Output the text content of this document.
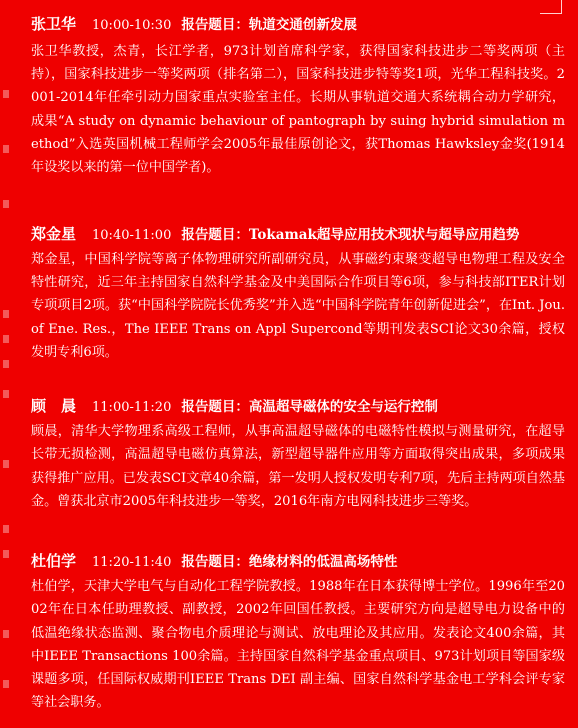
张卫华 10:00-10:30 报告题目：轨道交通创新发展
张卫华教授，杰青，长江学者，973计划首席科学家，获得国家科技进步二等奖两项（主持），国家科技进步一等奖两项（排名第二），国家科技进步特等奖1项，光华工程科技奖。2001-2014年任牵引动力国家重点实验室主任。长期从事轨道交通大系统耦合动力学研究，成果“A study on dynamic behaviour of pantograph by suing hybrid simulation method”入选英国机械工程师学会2005年最佳原创论文，获Thomas Hawksley金奖(1914年设奖以来的第一位中国学者)。
郑金星 10:40-11:00 报告题目：Tokamak超导应用技术现状与超导应用趋势
郑金星，中国科学院等离子体物理研究所副研究员，从事磁约束聚变超导电物理工程及安全特性研究，近三年主持国家自然科学基金及中美国际合作项目等6项，参与科技部ITER计划专项项目2项。获“中国科学院院长优秀奖”并入选“中国科学院青年创新促进会”，在Int. Jou. of Ene. Res.，The IEEE Trans on Appl Supercond等期刊发表SCI论文30余篇，授权发明专利6项。
顾　晨 11:00-11:20 报告题目：高温超导磁体的安全与运行控制
顾晨，清华大学物理系高级工程师，从事高温超导磁体的电磁特性模拟与测量研究，在超导长带无损检测，高温超导电磁仿真算法，新型超导器件应用等方面取得突出成果，多项成果获得推广应用。已发表SCI文章40余篇，第一发明人授权发明专利7项，先后主持两项自然基金。曾获北京市2005年科技进步一等奖，2016年南方电网科技进步三等奖。
杜伯学 11:20-11:40 报告题目：绝缘材料的低温高场特性
杜伯学，天津大学电气与自动化工程学院教授。1988年在日本获得博士学位。1996年至2002年在日本任助理教授、副教授，2002年回国任教授。主要研究方向是超导电力设备中的低温绝缘状态监测、聚合物电介质理论与测试、放电理论及其应用。发表论文400余篇，其中IEEE Transactions 100余篇。主持国家自然科学基金重点项目、973计划项目等国家级课题多项，任国际权威期刊IEEE Trans DEI 副主编、国家自然科学基金电工学科会评专家等社会职务。
